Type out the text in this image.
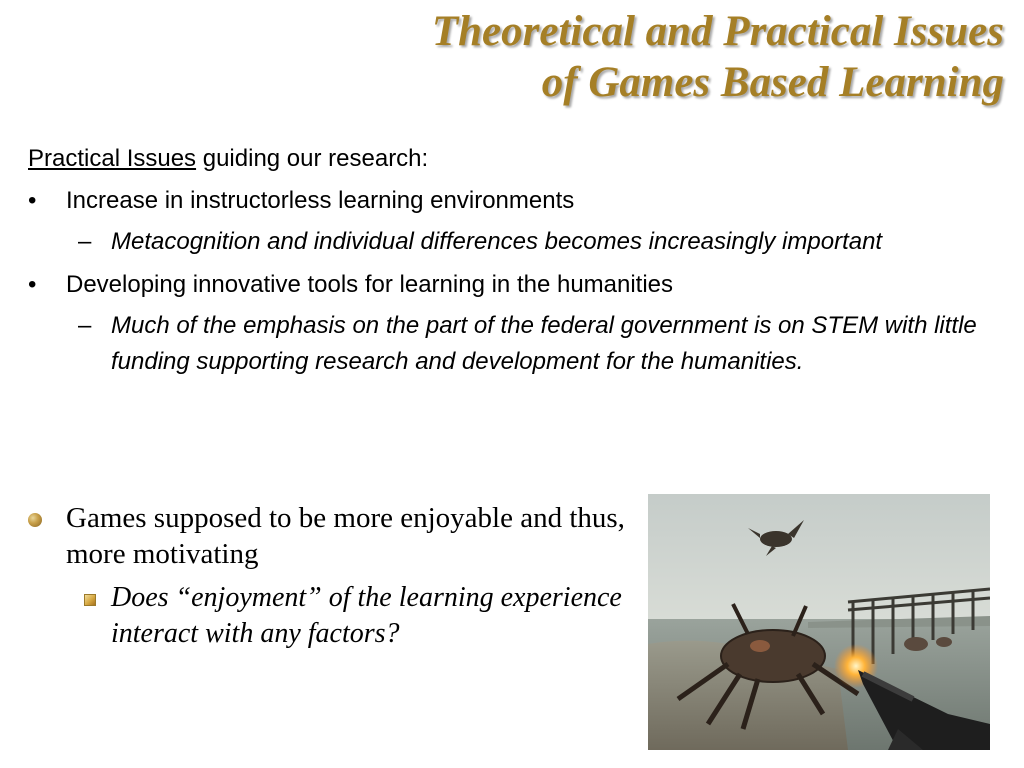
Theoretical and Practical Issues
of Games Based Learning
Practical Issues guiding our research:
•	Increase in instructorless learning environments
– Metacognition and individual differences becomes increasingly important
•	Developing innovative tools for learning in the humanities
– Much of the emphasis on the part of the federal government is on STEM with little funding supporting research and development for the humanities.
Games supposed to be more enjoyable and thus, more motivating
Does “enjoyment” of the learning experience interact with any factors?
